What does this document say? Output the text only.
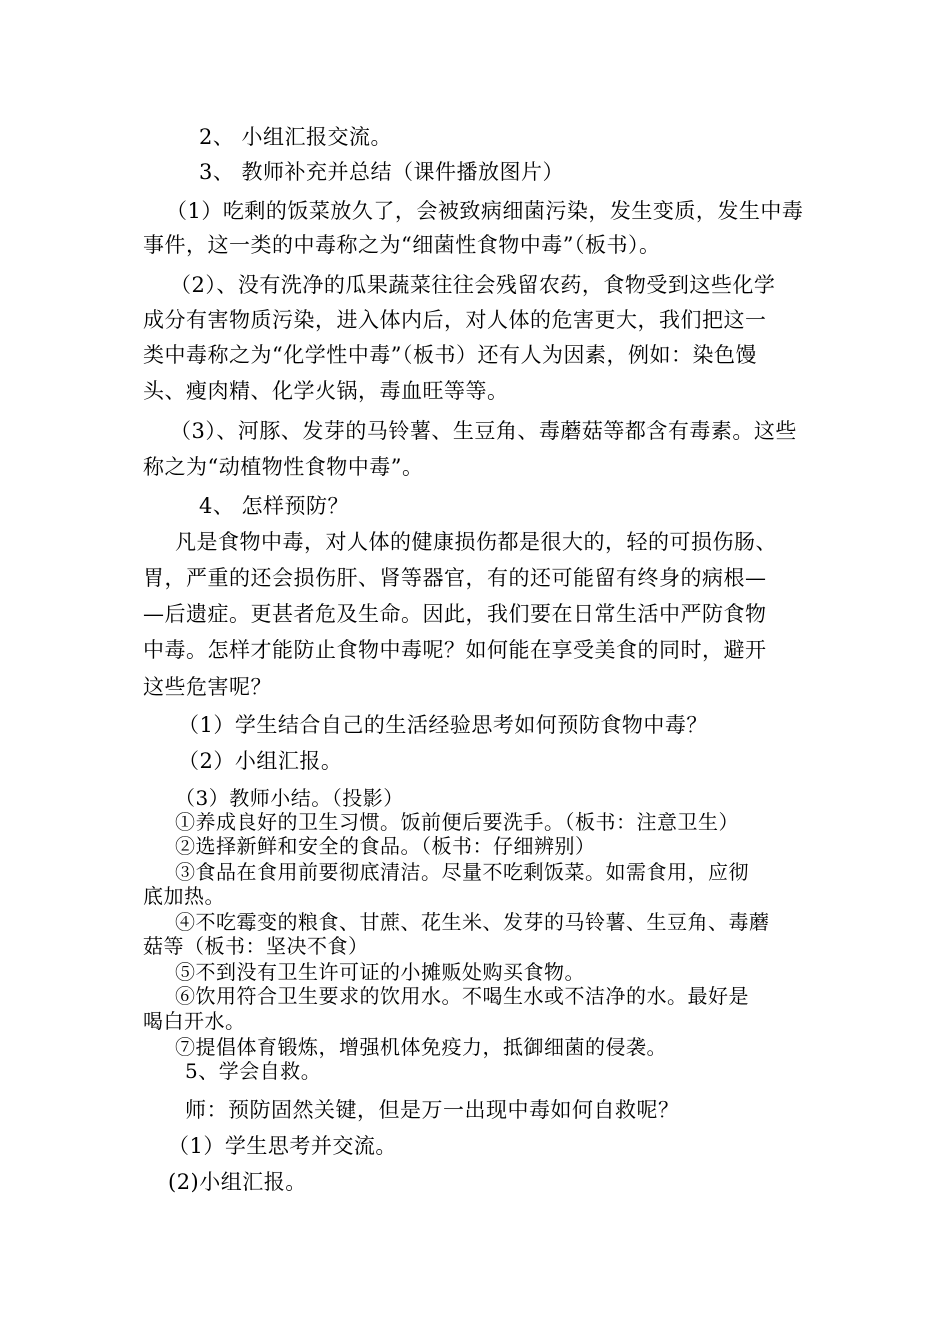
2、 小组汇报交流。
3、 教师补充并总结（课件播放图片）
（1）吃剩的饭菜放久了，会被致病细菌污染，发生变质，发生中毒
事件，这一类的中毒称之为“细菌性食物中毒”（板书）。
（2）、没有洗净的瓜果蔬菜往往会残留农药，食物受到这些化学
成分有害物质污染，进入体内后，对人体的危害更大，我们把这一
类中毒称之为“化学性中毒”（板书）还有人为因素，例如：染色馒
头、瘦肉精、化学火锅，毒血旺等等。
（3）、河豚、发芽的马铃薯、生豆角、毒蘑菇等都含有毒素。这些
称之为“动植物性食物中毒”。
4、 怎样预防？
凡是食物中毒，对人体的健康损伤都是很大的，轻的可损伤肠、
胃，严重的还会损伤肝、肾等器官，有的还可能留有终身的病根—
—后遗症。更甚者危及生命。因此，我们要在日常生活中严防食物
中毒。怎样才能防止食物中毒呢？如何能在享受美食的同时，避开
这些危害呢？
（1）学生结合自己的生活经验思考如何预防食物中毒？
（2）小组汇报。
（3）教师小结。（投影）
①养成良好的卫生习惯。饭前便后要洗手。（板书：注意卫生）
②选择新鲜和安全的食品。（板书：仔细辨别）
③食品在食用前要彻底清洁。尽量不吃剩饭菜。如需食用，应彻
底加热。
④不吃霉变的粮食、甘蔗、花生米、发芽的马铃薯、生豆角、毒蘑
菇等（板书：坚决不食）
⑤不到没有卫生许可证的小摊贩处购买食物。
⑥饮用符合卫生要求的饮用水。不喝生水或不洁净的水。最好是
喝白开水。
⑦提倡体育锻炼，增强机体免疫力，抵御细菌的侵袭。
5、学会自救。
师：预防固然关键，但是万一出现中毒如何自救呢？
（1）学生思考并交流。
(2)小组汇报。
